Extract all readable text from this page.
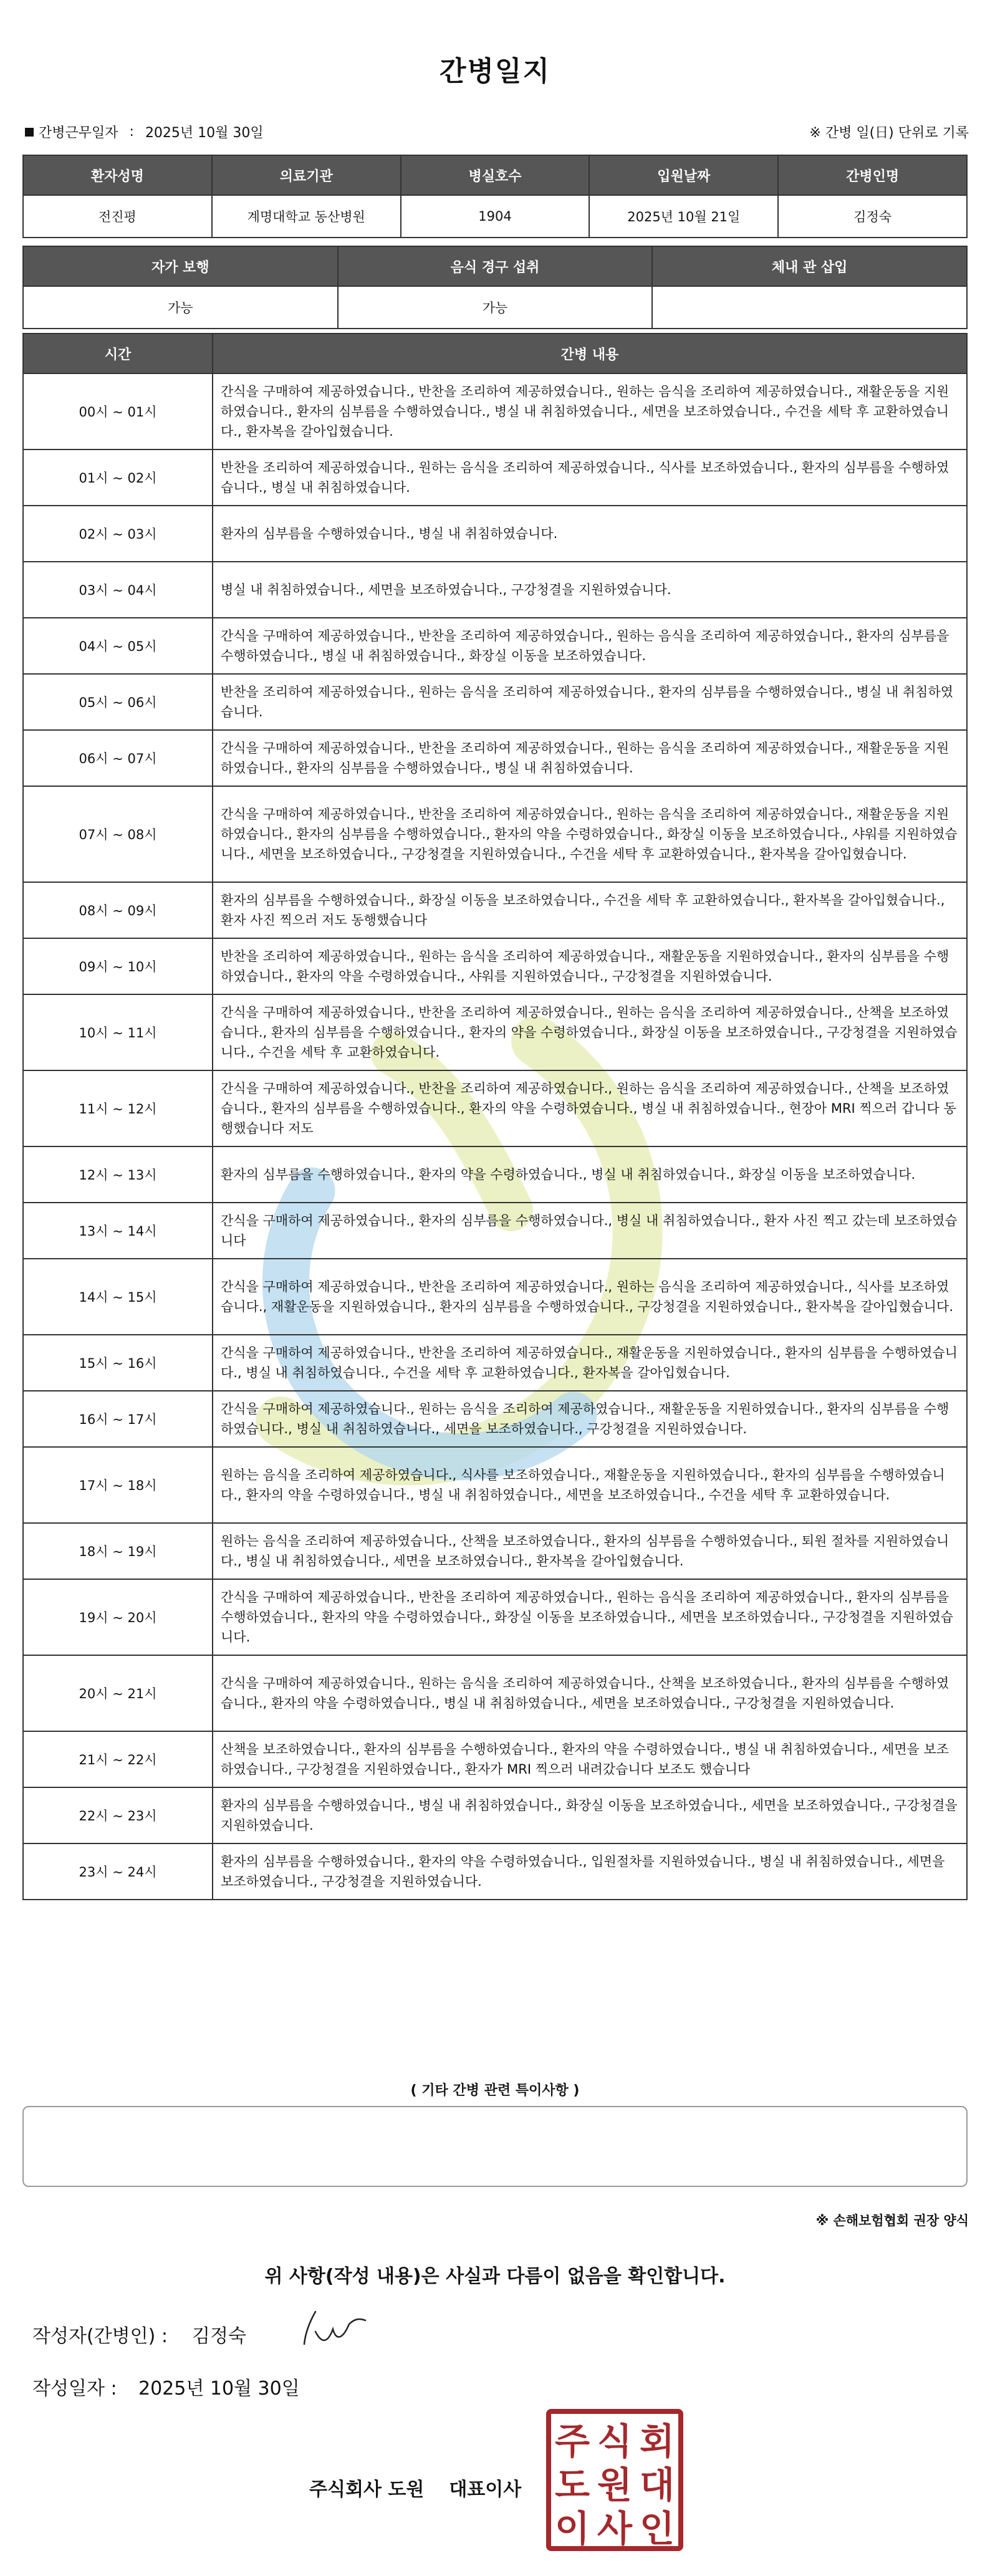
간병일지
간병근무일자 : 2025년 10월 30일	※ 간병 일(日) 단위로 기록
환자성명	의료기관	병실호수	입원날짜	간병인명
전진평	계명대학교 동산병원	1904	2025년 10월 21일	김정숙
자가 보행	음식 경구 섭취	체내 관 삽입
가능	가능	
시간	간병 내용
00시 ~ 01시	간식을 구매하여 제공하였습니다., 반찬을 조리하여 제공하였습니다., 원하는 음식을 조리하여 제공하였습니다., 재활운동을 지원하였습니다., 환자의 심부름을 수행하였습니다., 병실 내 취침하였습니다., 세면을 보조하였습니다., 수건을 세탁 후 교환하였습니다., 환자복을 갈아입혔습니다.
01시 ~ 02시	반찬을 조리하여 제공하였습니다., 원하는 음식을 조리하여 제공하였습니다., 식사를 보조하였습니다., 환자의 심부름을 수행하였습니다., 병실 내 취침하였습니다.
02시 ~ 03시	환자의 심부름을 수행하였습니다., 병실 내 취침하였습니다.
03시 ~ 04시	병실 내 취침하였습니다., 세면을 보조하였습니다., 구강청결을 지원하였습니다.
04시 ~ 05시	간식을 구매하여 제공하였습니다., 반찬을 조리하여 제공하였습니다., 원하는 음식을 조리하여 제공하였습니다., 환자의 심부름을 수행하였습니다., 병실 내 취침하였습니다., 화장실 이동을 보조하였습니다.
05시 ~ 06시	반찬을 조리하여 제공하였습니다., 원하는 음식을 조리하여 제공하였습니다., 환자의 심부름을 수행하였습니다., 병실 내 취침하였습니다.
06시 ~ 07시	간식을 구매하여 제공하였습니다., 반찬을 조리하여 제공하였습니다., 원하는 음식을 조리하여 제공하였습니다., 재활운동을 지원하였습니다., 환자의 심부름을 수행하였습니다., 병실 내 취침하였습니다.
07시 ~ 08시	간식을 구매하여 제공하였습니다., 반찬을 조리하여 제공하였습니다., 원하는 음식을 조리하여 제공하였습니다., 재활운동을 지원하였습니다., 환자의 심부름을 수행하였습니다., 환자의 약을 수령하였습니다., 화장실 이동을 보조하였습니다., 샤워를 지원하였습니다., 세면을 보조하였습니다., 구강청결을 지원하였습니다., 수건을 세탁 후 교환하였습니다., 환자복을 갈아입혔습니다.
08시 ~ 09시	환자의 심부름을 수행하였습니다., 화장실 이동을 보조하였습니다., 수건을 세탁 후 교환하였습니다., 환자복을 갈아입혔습니다., 환자 사진 찍으러 저도 동행했습니다
09시 ~ 10시	반찬을 조리하여 제공하였습니다., 원하는 음식을 조리하여 제공하였습니다., 재활운동을 지원하였습니다., 환자의 심부름을 수행하였습니다., 환자의 약을 수령하였습니다., 샤워를 지원하였습니다., 구강청결을 지원하였습니다.
10시 ~ 11시	간식을 구매하여 제공하였습니다., 반찬을 조리하여 제공하였습니다., 원하는 음식을 조리하여 제공하였습니다., 산책을 보조하였습니다., 환자의 심부름을 수행하였습니다., 환자의 약을 수령하였습니다., 화장실 이동을 보조하였습니다., 구강청결을 지원하였습니다., 수건을 세탁 후 교환하였습니다.
11시 ~ 12시	간식을 구매하여 제공하였습니다., 반찬을 조리하여 제공하였습니다., 원하는 음식을 조리하여 제공하였습니다., 산책을 보조하였습니다., 환자의 심부름을 수행하였습니다., 환자의 약을 수령하였습니다., 병실 내 취침하였습니다., 현장아 MRI 찍으러 갑니다 동행했습니다 저도
12시 ~ 13시	환자의 심부름을 수행하였습니다., 환자의 약을 수령하였습니다., 병실 내 취침하였습니다., 화장실 이동을 보조하였습니다.
13시 ~ 14시	간식을 구매하여 제공하였습니다., 환자의 심부름을 수행하였습니다., 병실 내 취침하였습니다., 환자 사진 찍고 갔는데 보조하였습니다
14시 ~ 15시	간식을 구매하여 제공하였습니다., 반찬을 조리하여 제공하였습니다., 원하는 음식을 조리하여 제공하였습니다., 식사를 보조하였습니다., 재활운동을 지원하였습니다., 환자의 심부름을 수행하였습니다., 구강청결을 지원하였습니다., 환자복을 갈아입혔습니다.
15시 ~ 16시	간식을 구매하여 제공하였습니다., 반찬을 조리하여 제공하였습니다., 재활운동을 지원하였습니다., 환자의 심부름을 수행하였습니다., 병실 내 취침하였습니다., 수건을 세탁 후 교환하였습니다., 환자복을 갈아입혔습니다.
16시 ~ 17시	간식을 구매하여 제공하였습니다., 원하는 음식을 조리하여 제공하였습니다., 재활운동을 지원하였습니다., 환자의 심부름을 수행하였습니다., 병실 내 취침하였습니다., 세면을 보조하였습니다., 구강청결을 지원하였습니다.
17시 ~ 18시	원하는 음식을 조리하여 제공하였습니다., 식사를 보조하였습니다., 재활운동을 지원하였습니다., 환자의 심부름을 수행하였습니다., 환자의 약을 수령하였습니다., 병실 내 취침하였습니다., 세면을 보조하였습니다., 수건을 세탁 후 교환하였습니다.
18시 ~ 19시	원하는 음식을 조리하여 제공하였습니다., 산책을 보조하였습니다., 환자의 심부름을 수행하였습니다., 퇴원 절차를 지원하였습니다., 병실 내 취침하였습니다., 세면을 보조하였습니다., 환자복을 갈아입혔습니다.
19시 ~ 20시	간식을 구매하여 제공하였습니다., 반찬을 조리하여 제공하였습니다., 원하는 음식을 조리하여 제공하였습니다., 환자의 심부름을 수행하였습니다., 환자의 약을 수령하였습니다., 화장실 이동을 보조하였습니다., 세면을 보조하였습니다., 구강청결을 지원하였습니다.
20시 ~ 21시	간식을 구매하여 제공하였습니다., 원하는 음식을 조리하여 제공하였습니다., 산책을 보조하였습니다., 환자의 심부름을 수행하였습니다., 환자의 약을 수령하였습니다., 병실 내 취침하였습니다., 세면을 보조하였습니다., 구강청결을 지원하였습니다.
21시 ~ 22시	산책을 보조하였습니다., 환자의 심부름을 수행하였습니다., 환자의 약을 수령하였습니다., 병실 내 취침하였습니다., 세면을 보조하였습니다., 구강청결을 지원하였습니다., 환자가 MRI 찍으러 내려갔습니다 보조도 했습니다
22시 ~ 23시	환자의 심부름을 수행하였습니다., 병실 내 취침하였습니다., 화장실 이동을 보조하였습니다., 세면을 보조하였습니다., 구강청결을 지원하였습니다.
23시 ~ 24시	환자의 심부름을 수행하였습니다., 환자의 약을 수령하였습니다., 입원절차를 지원하였습니다., 병실 내 취침하였습니다., 세면을 보조하였습니다., 구강청결을 지원하였습니다.
( 기타 간병 관련 특이사항 )
※ 손해보험협회 권장 양식
위 사항(작성 내용)은 사실과 다름이 없음을 확인합니다.
작성자(간병인) :	김정숙
작성일자 :	2025년 10월 30일
주식회사 도원 대표이사
주 식 회
도 원 대
이 사 인
